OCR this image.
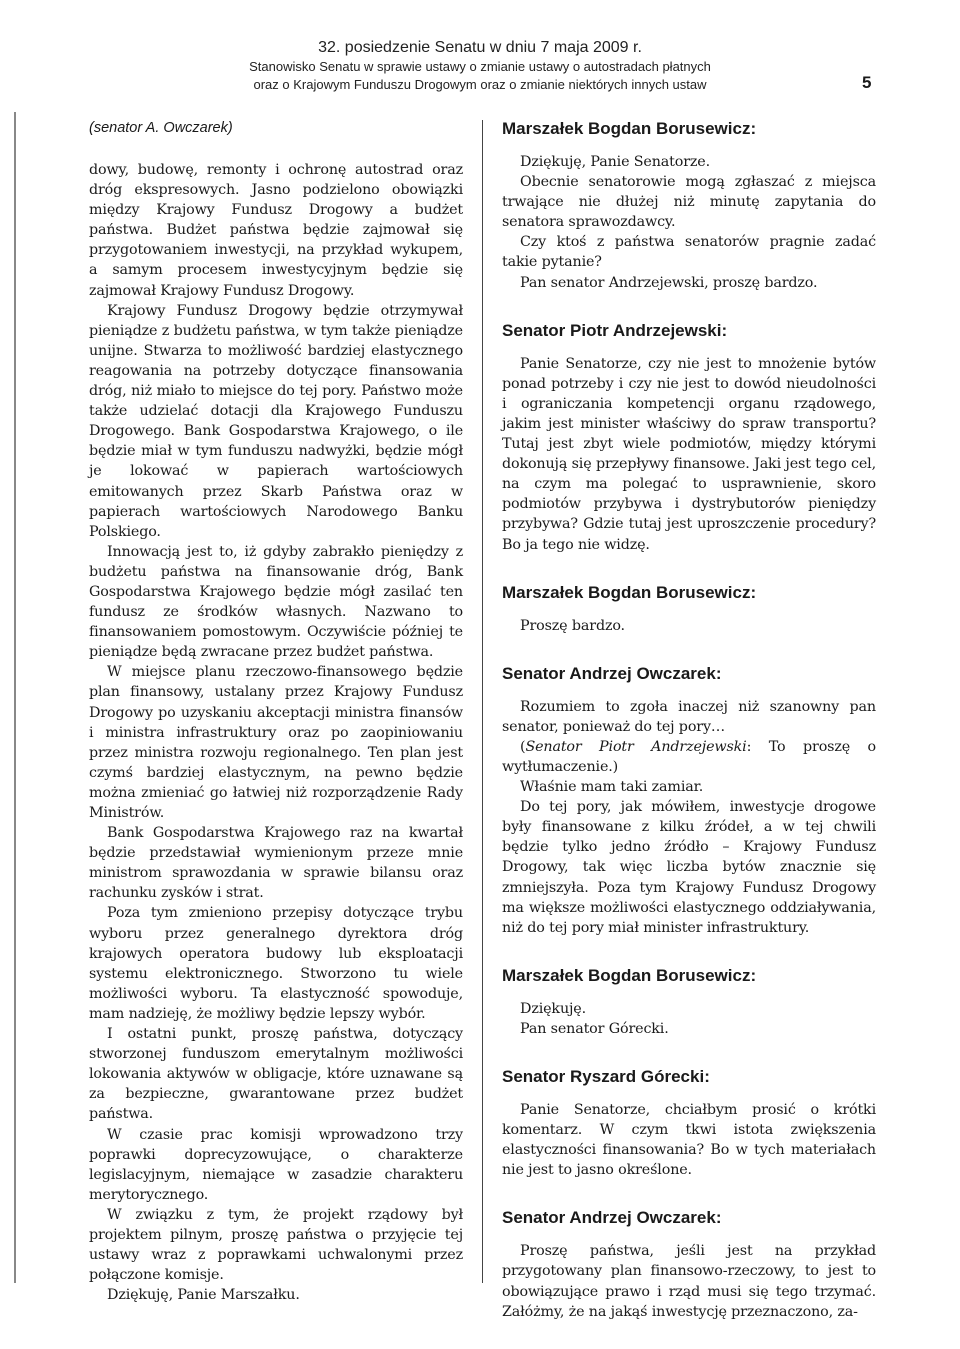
32. posiedzenie Senatu w dniu 7 maja 2009 r.
Stanowisko Senatu w sprawie ustawy o zmianie ustawy o autostradach płatnych
oraz o Krajowym Funduszu Drogowym oraz o zmianie niektórych innych ustaw	5
(senator A. Owczarek)

dowy, budowę, remonty i ochronę autostrad oraz dróg ekspresowych. Jasno podzielono obowiązki między Krajowy Fundusz Drogowy a budżet państwa. Budżet państwa będzie zajmował się przygotowaniem inwestycji, na przykład wykupem, a samym procesem inwestycyjnym będzie się zajmował Krajowy Fundusz Drogowy.

Krajowy Fundusz Drogowy będzie otrzymywał pieniądze z budżetu państwa, w tym także pieniądze unijne. Stwarza to możliwość bardziej elastycznego reagowania na potrzeby dotyczące finansowania dróg, niż miało to miejsce do tej pory. Państwo może także udzielać dotacji dla Krajowego Funduszu Drogowego. Bank Gospodarstwa Krajowego, o ile będzie miał w tym funduszu nadwyżki, będzie mógł je lokować w papierach wartościowych emitowanych przez Skarb Państwa oraz w papierach wartościowych Narodowego Banku Polskiego.

Innowacją jest to, iż gdyby zabrakło pieniędzy z budżetu państwa na finansowanie dróg, Bank Gospodarstwa Krajowego będzie mógł zasilać ten fundusz ze środków własnych. Nazwano to finansowaniem pomostowym. Oczywiście później te pieniądze będą zwracane przez budżet państwa.

W miejsce planu rzeczowo-finansowego będzie plan finansowy, ustalany przez Krajowy Fundusz Drogowy po uzyskaniu akceptacji ministra finansów i ministra infrastruktury oraz po zaopiniowaniu przez ministra rozwoju regionalnego. Ten plan jest czymś bardziej elastycznym, na pewno będzie można zmieniać go łatwiej niż rozporządzenie Rady Ministrów.

Bank Gospodarstwa Krajowego raz na kwartał będzie przedstawiał wymienionym przeze mnie ministrom sprawozdania w sprawie bilansu oraz rachunku zysków i strat.

Poza tym zmieniono przepisy dotyczące trybu wyboru przez generalnego dyrektora dróg krajowych operatora budowy lub eksploatacji systemu elektronicznego. Stworzono tu wiele możliwości wyboru. Ta elastyczność spowoduje, mam nadzieję, że możliwy będzie lepszy wybór.

I ostatni punkt, proszę państwa, dotyczący stworzonej funduszom emerytalnym możliwości lokowania aktywów w obligacje, które uznawane są za bezpieczne, gwarantowane przez budżet państwa.

W czasie prac komisji wprowadzono trzy poprawki doprecyzowujące, o charakterze legislacyjnym, niemające w zasadzie charakteru merytorycznego.

W związku z tym, że projekt rządowy był projektem pilnym, proszę państwa o przyjęcie tej ustawy wraz z poprawkami uchwalonymi przez połączone komisje.

Dziękuję, Panie Marszałku.

Marszałek Bogdan Borusewicz:

Dziękuję, Panie Senatorze.

Obecnie senatorowie mogą zgłaszać z miejsca trwające nie dłużej niż minutę zapytania do senatora sprawozdawcy.

Czy ktoś z państwa senatorów pragnie zadać takie pytanie?

Pan senator Andrzejewski, proszę bardzo.

Senator Piotr Andrzejewski:

Panie Senatorze, czy nie jest to mnożenie bytów ponad potrzeby i czy nie jest to dowód nieudolności i ograniczania kompetencji organu rządowego, jakim jest minister właściwy do spraw transportu? Tutaj jest zbyt wiele podmiotów, między którymi dokonują się przepływy finansowe. Jaki jest tego cel, na czym ma polegać to usprawnienie, skoro podmiotów przybywa i dystrybutorów pieniędzy przybywa? Gdzie tutaj jest uproszczenie procedury? Bo ja tego nie widzę.

Marszałek Bogdan Borusewicz:

Proszę bardzo.

Senator Andrzej Owczarek:

Rozumiem to zgoła inaczej niż szanowny pan senator, ponieważ do tej pory…

(Senator Piotr Andrzejewski: To proszę o wytłumaczenie.)

Właśnie mam taki zamiar.

Do tej pory, jak mówiłem, inwestycje drogowe były finansowane z kilku źródeł, a w tej chwili będzie tylko jedno źródło – Krajowy Fundusz Drogowy, tak więc liczba bytów znacznie się zmniejszyła. Poza tym Krajowy Fundusz Drogowy ma większe możliwości elastycznego oddziaływania, niż do tej pory miał minister infrastruktury.

Marszałek Bogdan Borusewicz:

Dziękuję.

Pan senator Górecki.

Senator Ryszard Górecki:

Panie Senatorze, chciałbym prosić o krótki komentarz. W czym tkwi istota zwiększenia elastyczności finansowania? Bo w tych materiałach nie jest to jasno określone.

Senator Andrzej Owczarek:

Proszę państwa, jeśli jest na przykład przygotowany plan finansowo-rzeczowy, to jest to obowiązujące prawo i rząd musi się tego trzymać. Załóżmy, że na jakąś inwestycję przeznaczono, za-
